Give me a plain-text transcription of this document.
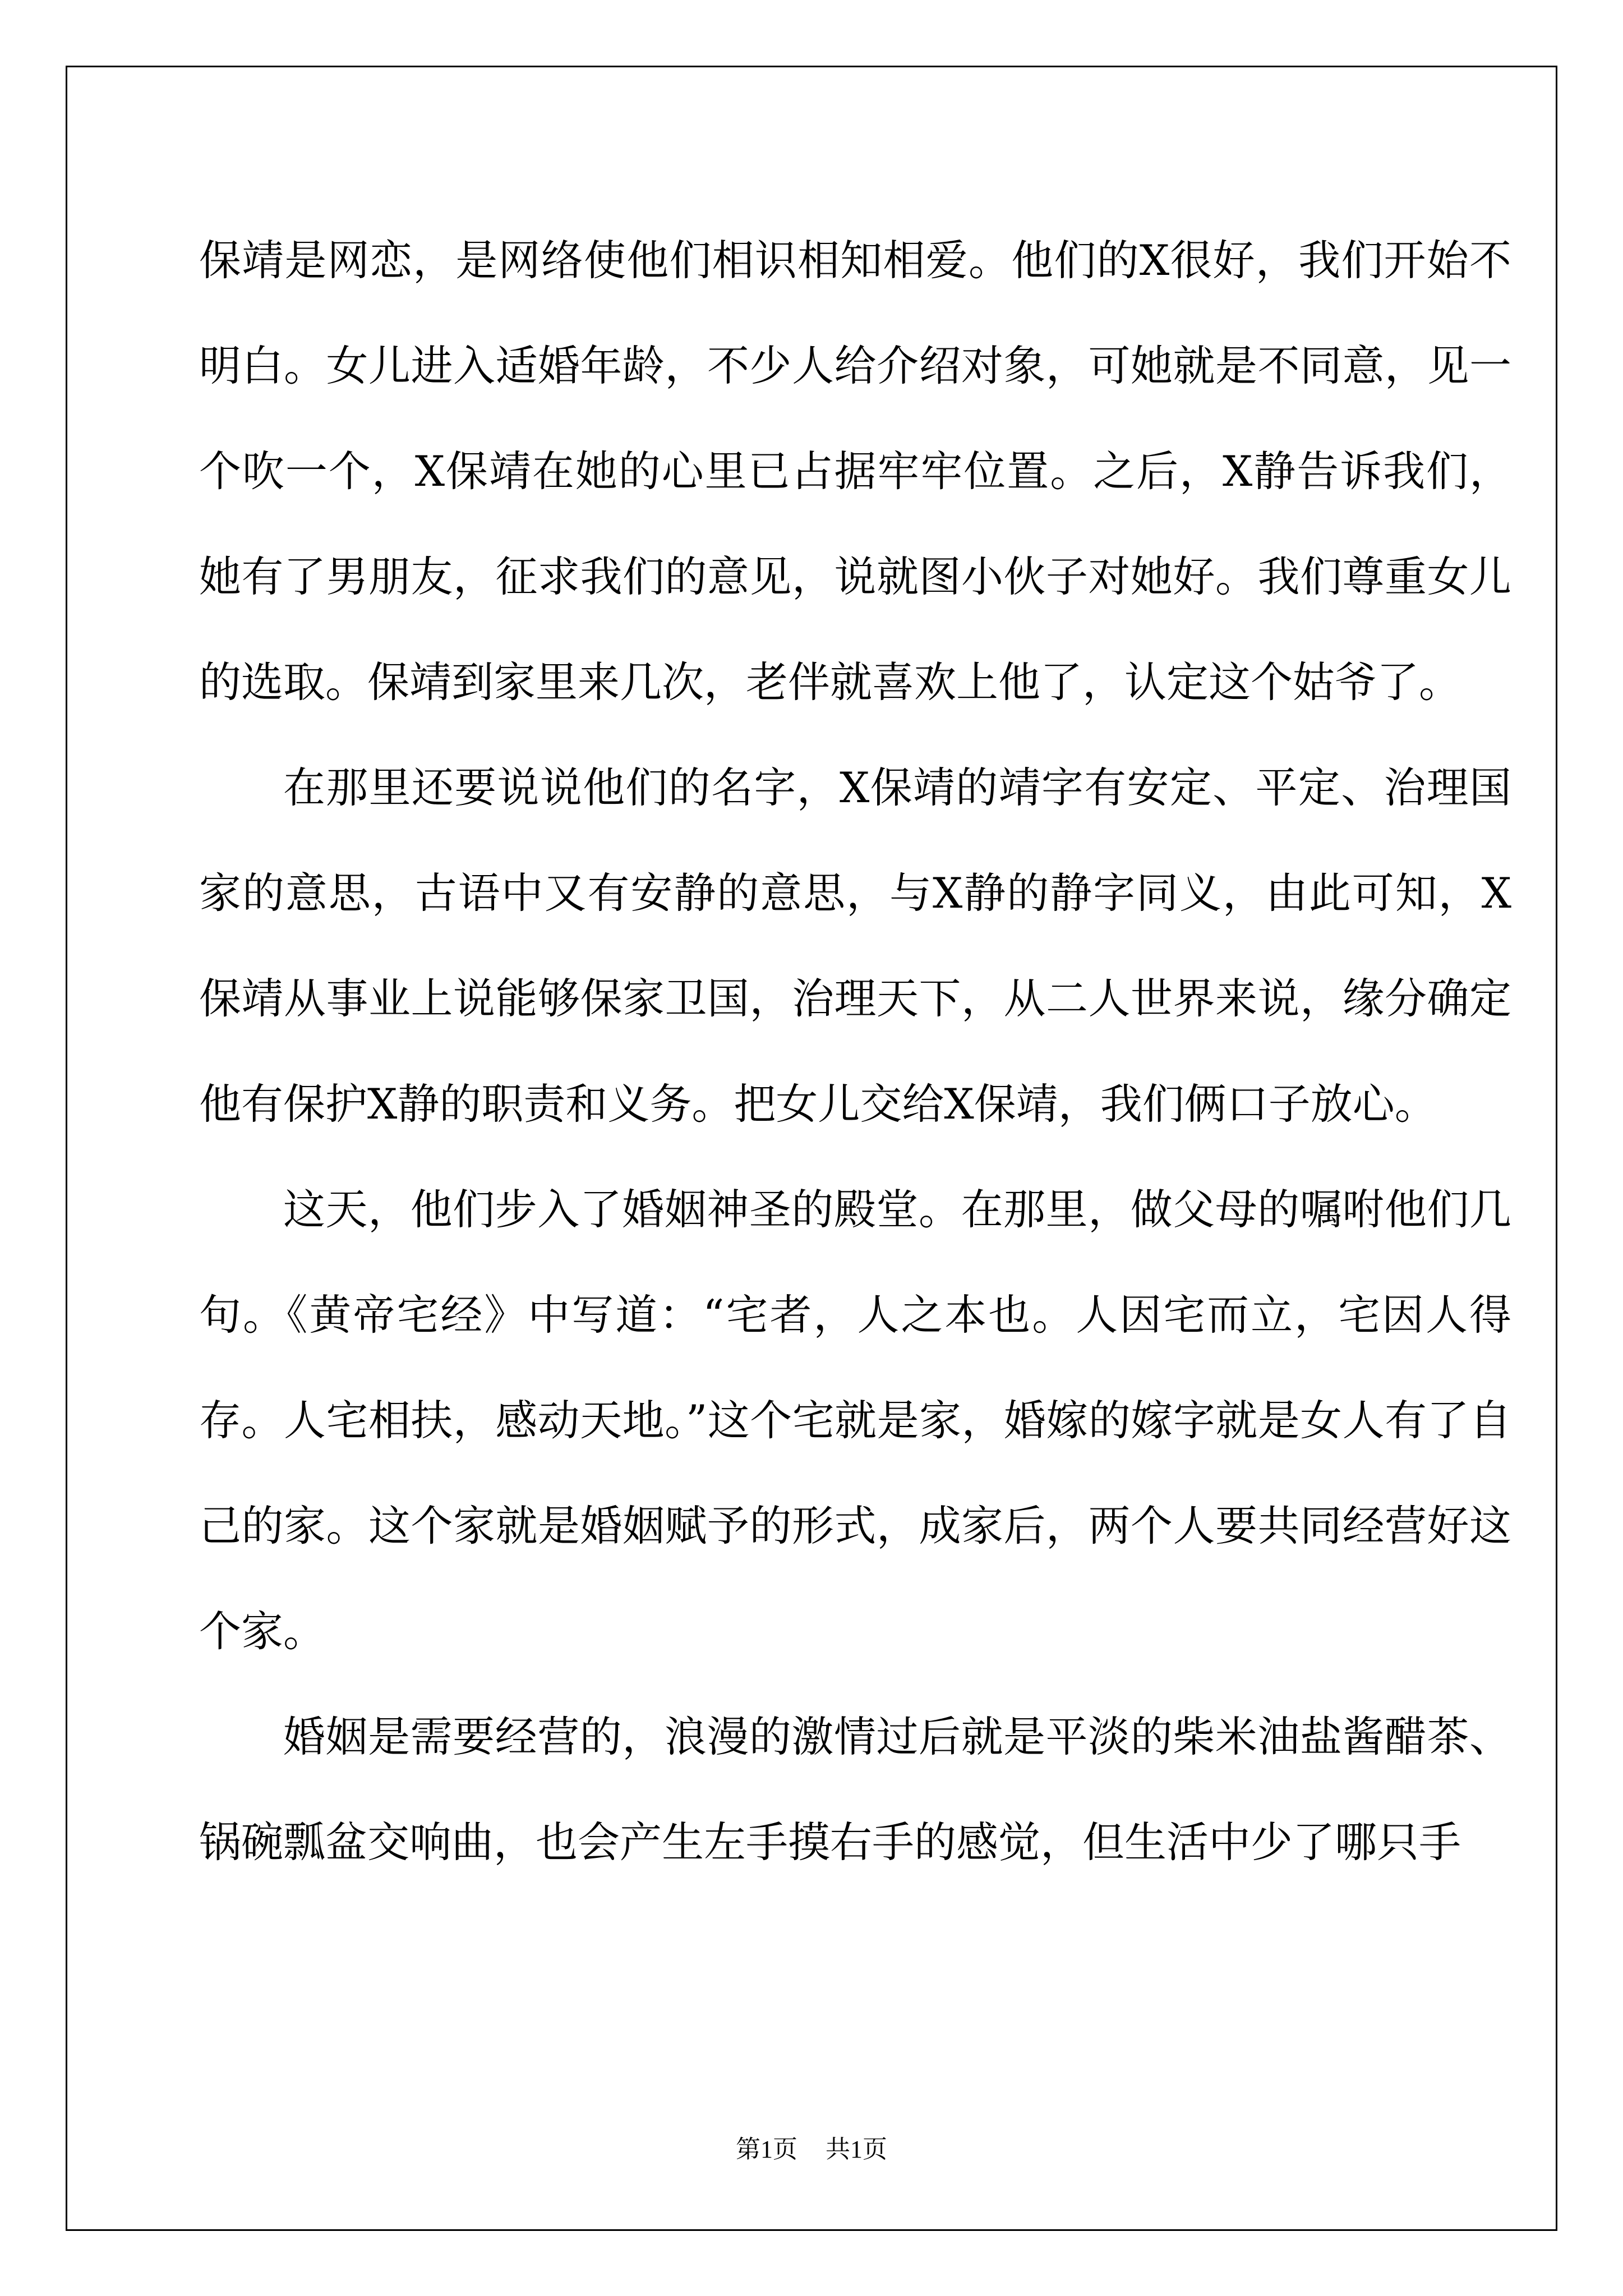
保靖是网恋，是网络使他们相识相知相爱。他们的X很好，我们开始不明白。女儿进入适婚年龄，不少人给介绍对象，可她就是不同意，见一个吹一个，X保靖在她的心里已占据牢牢位置。之后，X静告诉我们，她有了男朋友，征求我们的意见，说就图小伙子对她好。我们尊重女儿的选取。保靖到家里来几次，老伴就喜欢上他了，认定这个姑爷了。

在那里还要说说他们的名字，X保靖的靖字有安定、平定、治理国家的意思，古语中又有安静的意思，与X静的静字同义，由此可知，X保靖从事业上说能够保家卫国，治理天下，从二人世界来说，缘分确定他有保护X静的职责和义务。把女儿交给X保靖，我们俩口子放心。

这天，他们步入了婚姻神圣的殿堂。在那里，做父母的嘱咐他们几句。《黄帝宅经》中写道：“宅者，人之本也。人因宅而立，宅因人得存。人宅相扶，感动天地。”这个宅就是家，婚嫁的嫁字就是女人有了自己的家。这个家就是婚姻赋予的形式，成家后，两个人要共同经营好这个家。

婚姻是需要经营的，浪漫的激情过后就是平淡的柴米油盐酱醋茶、锅碗瓢盆交响曲，也会产生左手摸右手的感觉，但生活中少了哪只手

第1页 共1页
